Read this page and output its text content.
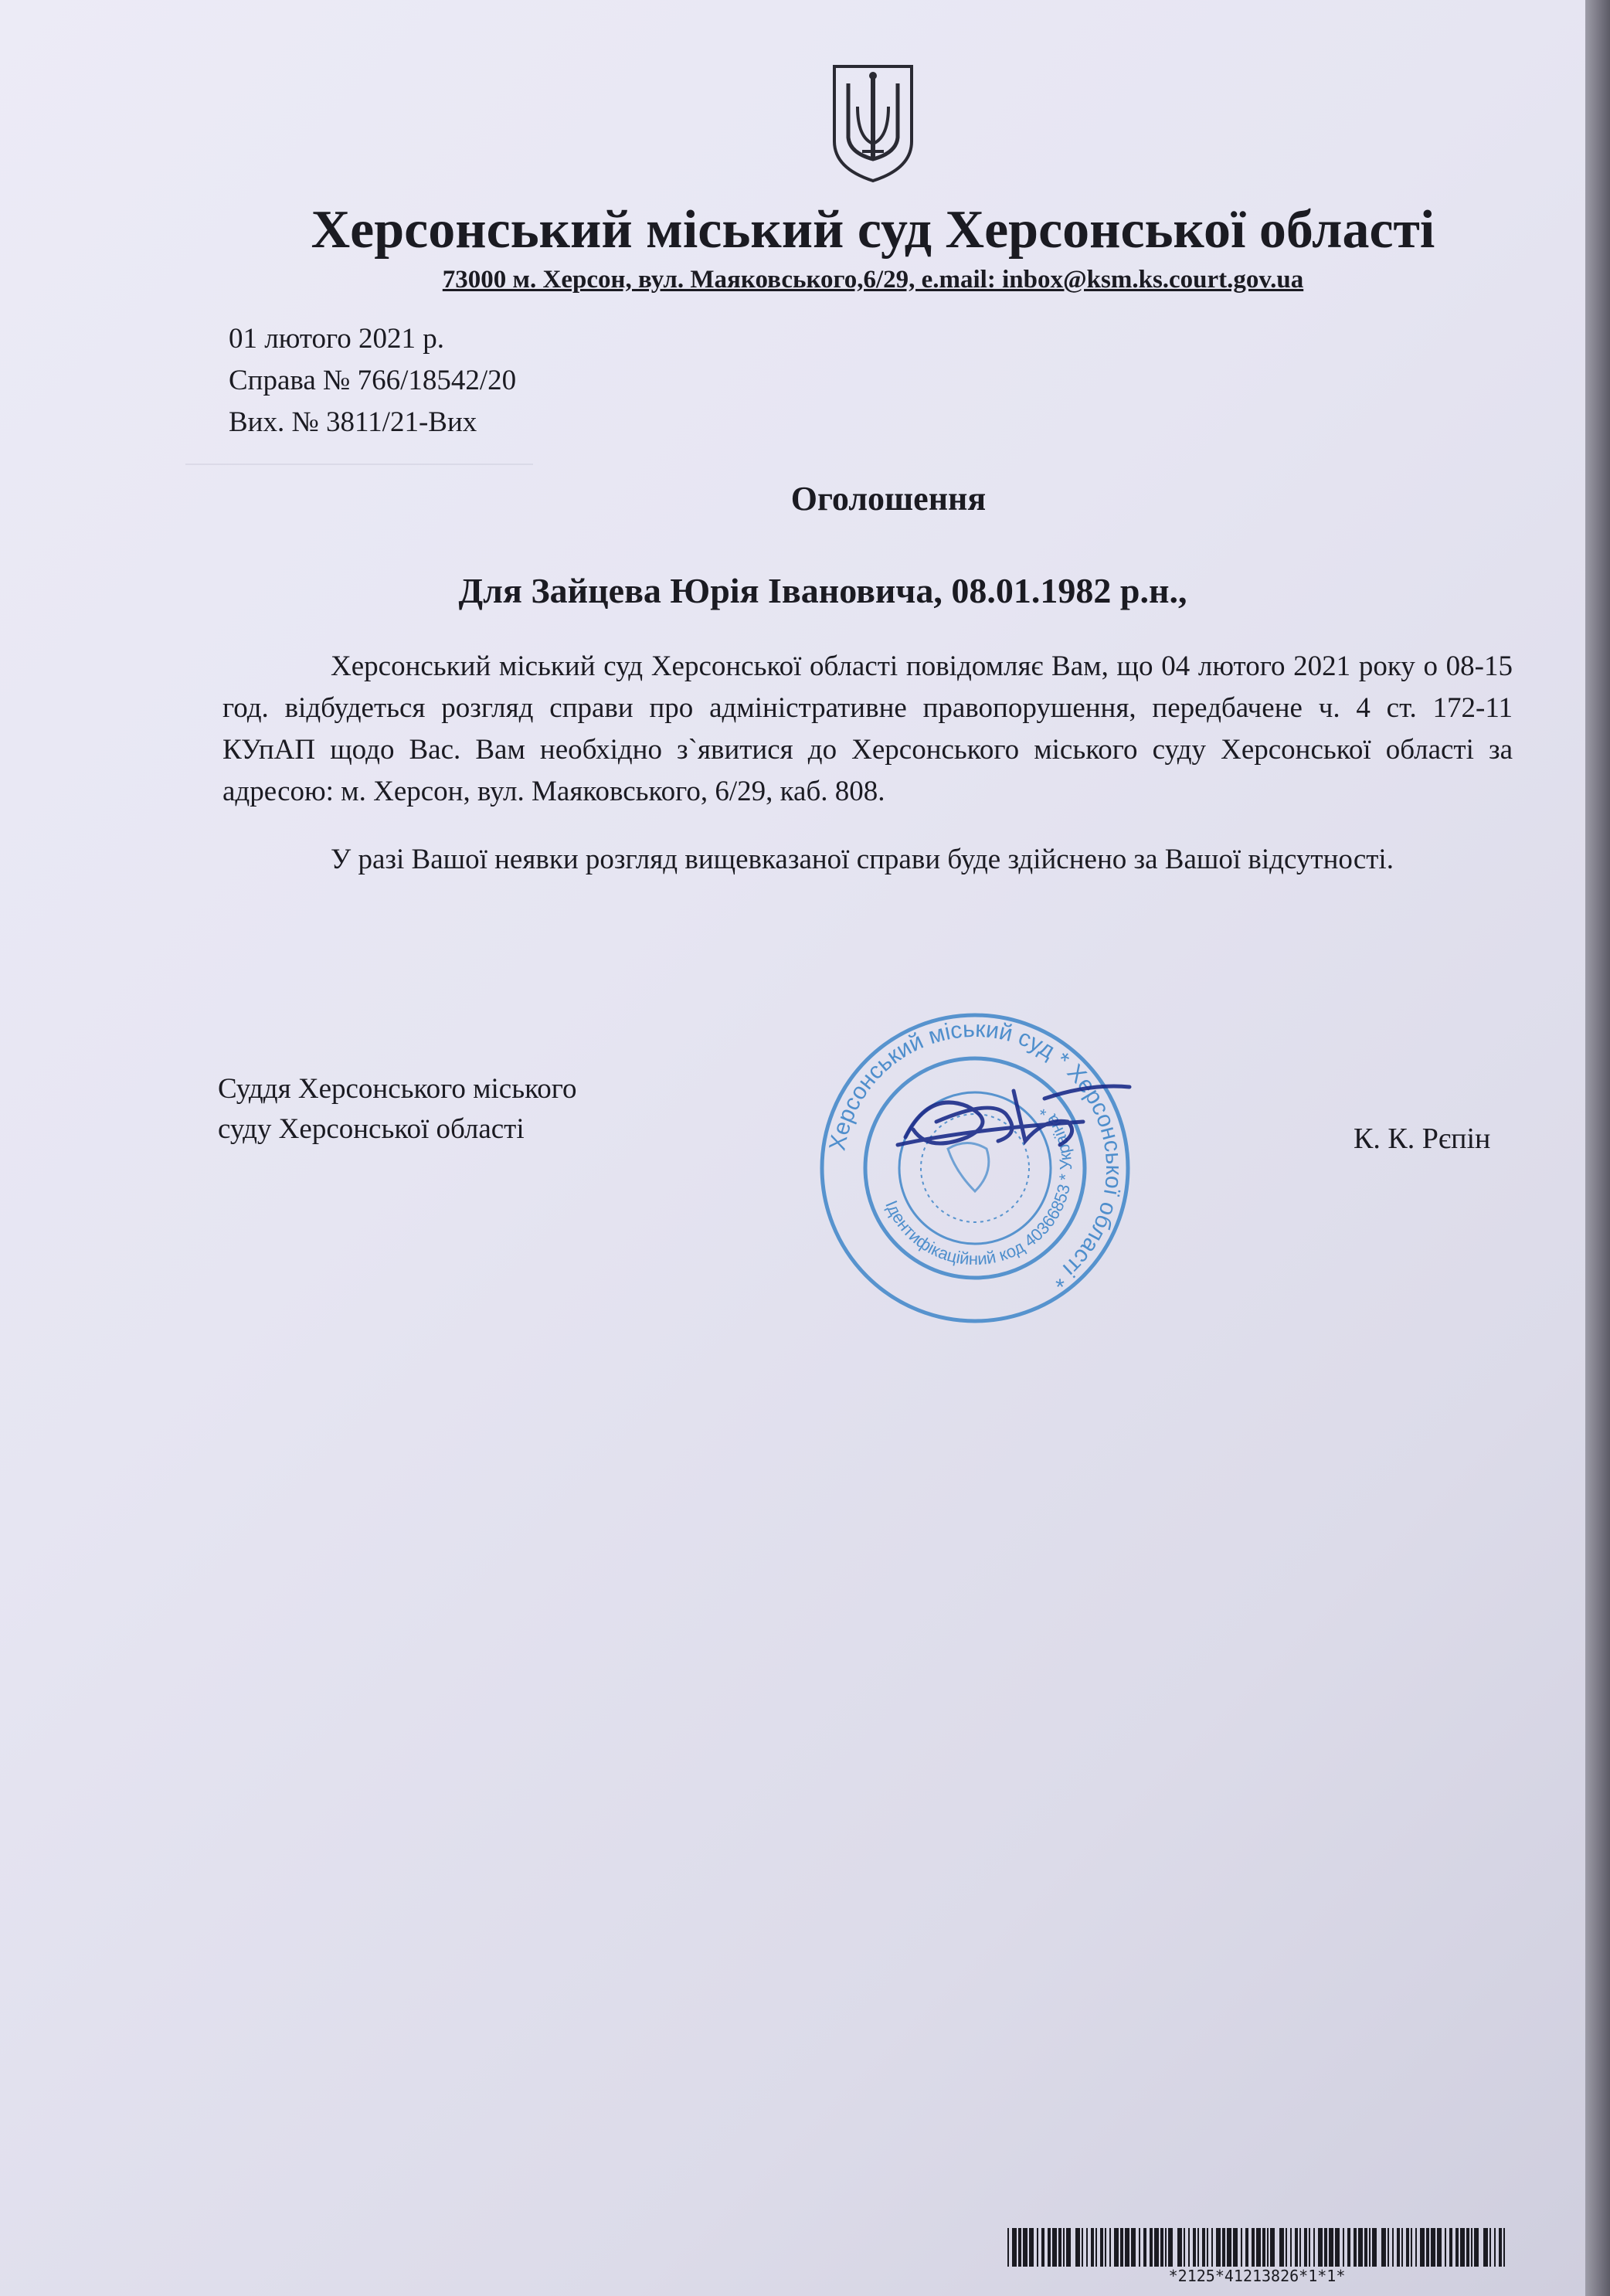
Херсонський міський суд Херсонської області
73000 м. Херсон, вул. Маяковського,6/29, e.mail: inbox@ksm.ks.court.gov.ua
01 лютого 2021 р.
Справа № 766/18542/20
Вих. № 3811/21-Вих
Оголошення
Для Зайцева Юрія Івановича, 08.01.1982 р.н.,

Херсонський міський суд Херсонської області повідомляє Вам, що 04 лютого 2021 року о 08-15 год. відбудеться розгляд справи про адміністративне правопорушення, передбачене ч. 4 ст. 172-11 КУпАП щодо Вас. Вам необхідно з`явитися до Херсонського міського суду Херсонської області за адресою: м. Херсон, вул. Маяковського, 6/29, каб. 808.

У разі Вашої неявки розгляд вищевказаної справи буде здійснено за Вашої відсутності.

Суддя Херсонського міського
суду Херсонської області	Херсонський міський суд * Херсонської області *
Ідентифікаційний код 40366853 * Україна *
К. К. Рєпін
*2125*41213826*1*1*
